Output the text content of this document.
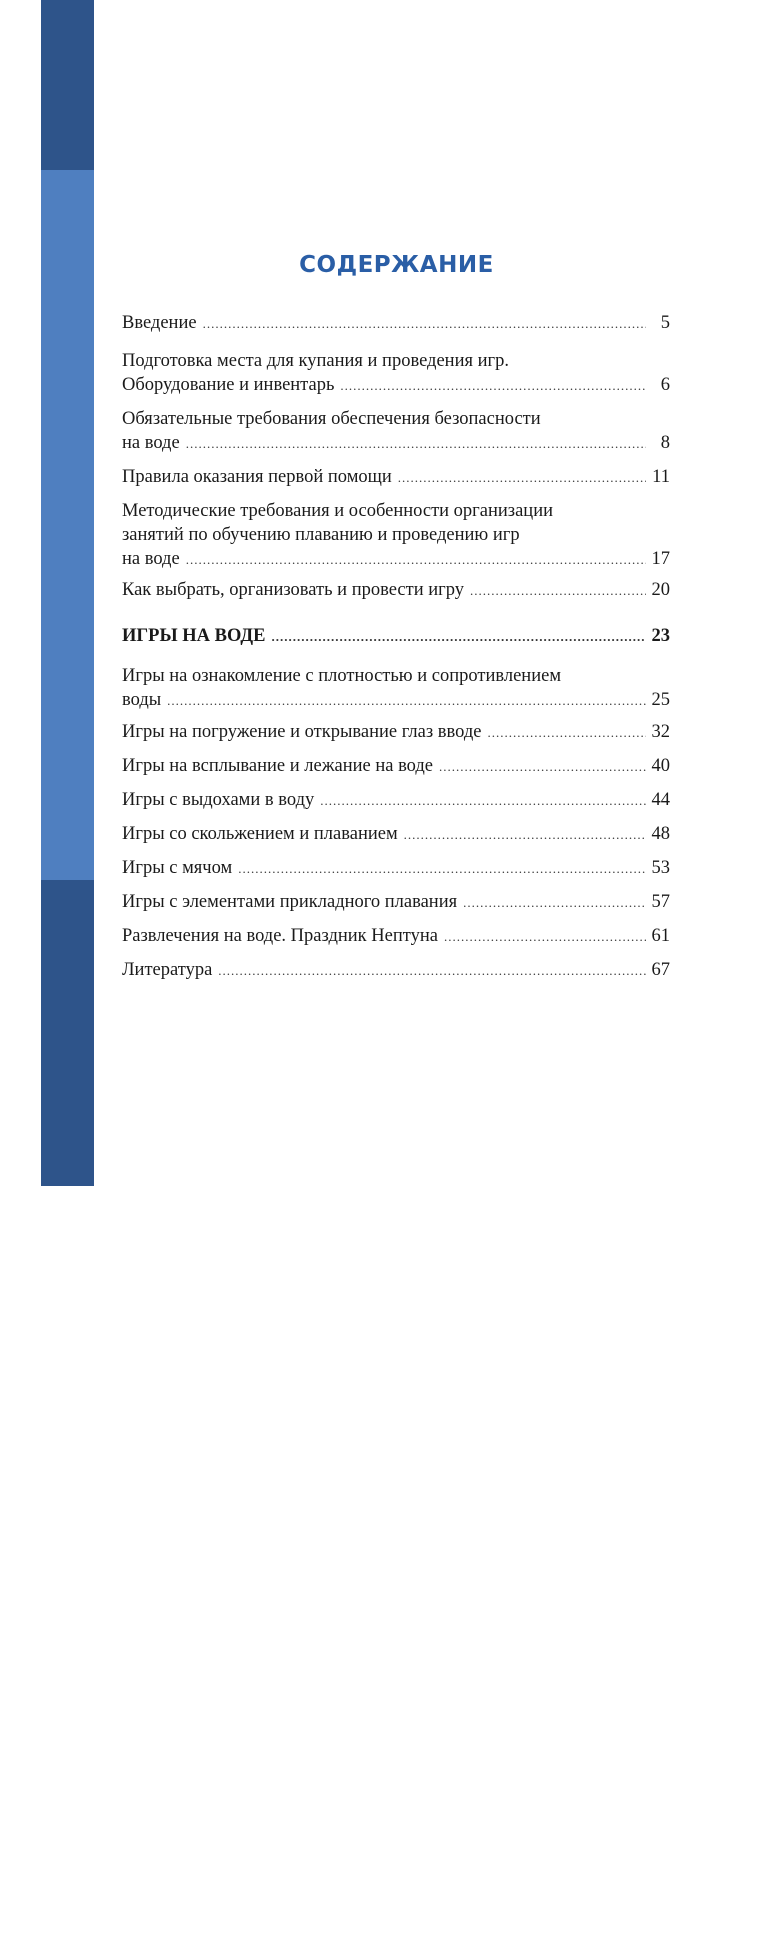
68
СОДЕРЖАНИЕ
Введение .....	5
Подготовка места для купания и проведения игр.
Оборудование и инвентарь .....	6
Обязательные требования обеспечения безопасности
на воде .....	8
Правила оказания первой помощи .....	11
Методические требования и особенности организации
занятий по обучению плаванию и проведению игр
на воде .....	17
Как выбрать, организовать и провести игру .....	20
ИГРЫ НА ВОДЕ .....	23
Игры на ознакомление с плотностью и сопротивлением
воды .....	25
Игры на погружение и открывание глаз вводе .....	32
Игры на всплывание и лежание на воде .....	40
Игры с выдохами в воду .....	44
Игры со скольжением и плаванием .....	48
Игры с мячом .....	53
Игры с элементами прикладного плавания .....	57
Развлечения на воде. Праздник Нептуна .....	61
Литература .....	67
